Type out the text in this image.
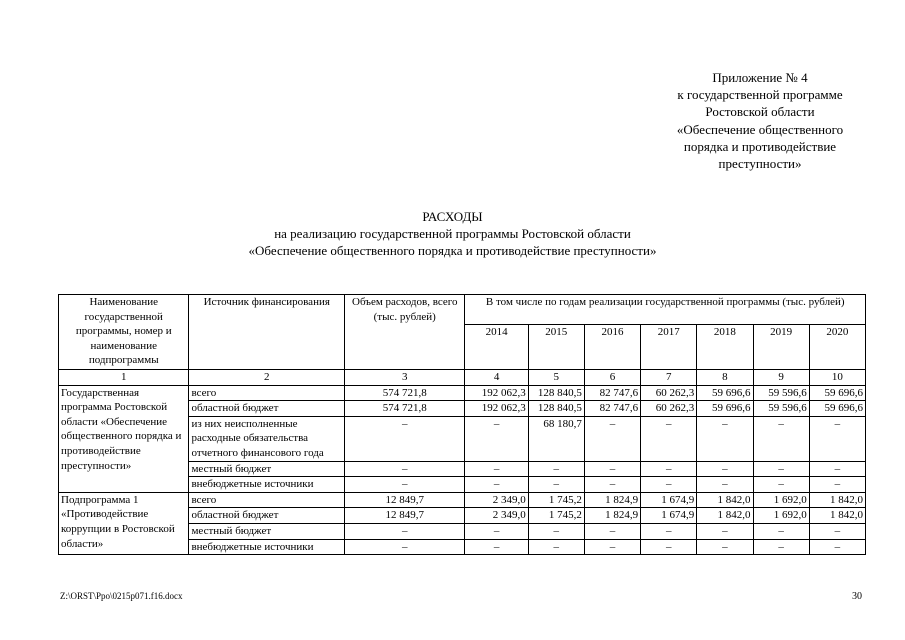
Приложение № 4
к государственной программе
Ростовской области
«Обеспечение общественного
порядка и противодействие
преступности»
РАСХОДЫ
на реализацию государственной программы Ростовской области
«Обеспечение общественного порядка и противодействие преступности»
Наименование государственной программы, номер и наименование подпрограммы	Источник финансирования	Объем расходов, всего (тыс. рублей)	В том числе по годам реализации государственной программы (тыс. рублей)						
			2014	2015	2016	2017	2018	2019	2020
1	2	3	4	5	6	7	8	9	10
Государственная программа Ростовской области «Обеспечение общественного порядка и противодействие преступности»	всего	574 721,8	192 062,3	128 840,5	82 747,6	60 262,3	59 696,6	59 596,6	59 696,6
	областной бюджет	574 721,8	192 062,3	128 840,5	82 747,6	60 262,3	59 696,6	59 596,6	59 696,6
	из них неисполненные расходные обязательства отчетного финансового года	–	–	68 180,7	–	–	–	–	–
	местный бюджет	–	–	–	–	–	–	–	–
	внебюджетные источники	–	–	–	–	–	–	–	–
Подпрограмма 1 «Противодействие коррупции в Ростовской области»	всего	12 849,7	2 349,0	1 745,2	1 824,9	1 674,9	1 842,0	1 692,0	1 842,0
	областной бюджет	12 849,7	2 349,0	1 745,2	1 824,9	1 674,9	1 842,0	1 692,0	1 842,0
	местный бюджет	–	–	–	–	–	–	–	–
	внебюджетные источники	–	–	–	–	–	–	–	–
Z:\ORST\Ppo\0215p071.f16.docx	30
